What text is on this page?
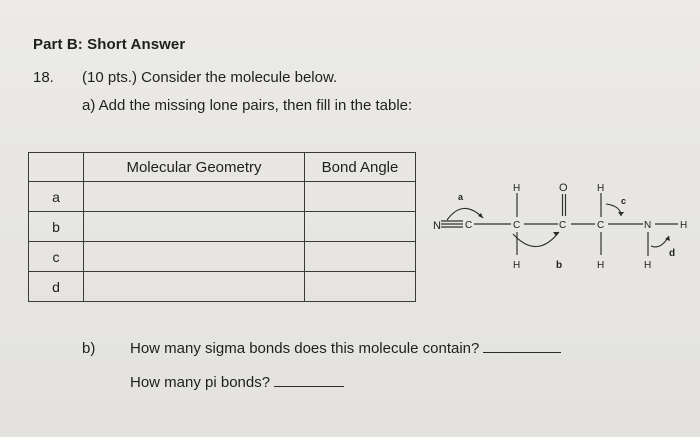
Part B: Short Answer
18. (10 pts.) Consider the molecule below.
a) Add the missing lone pairs, then fill in the table:
	Molecular Geometry	Bond Angle
a		
b		
c		
d		
N C	C	C	C	N	H
O
H
H
H
H	H
a
b
c
d
b) How many sigma bonds does this molecule contain?
How many pi bonds?
